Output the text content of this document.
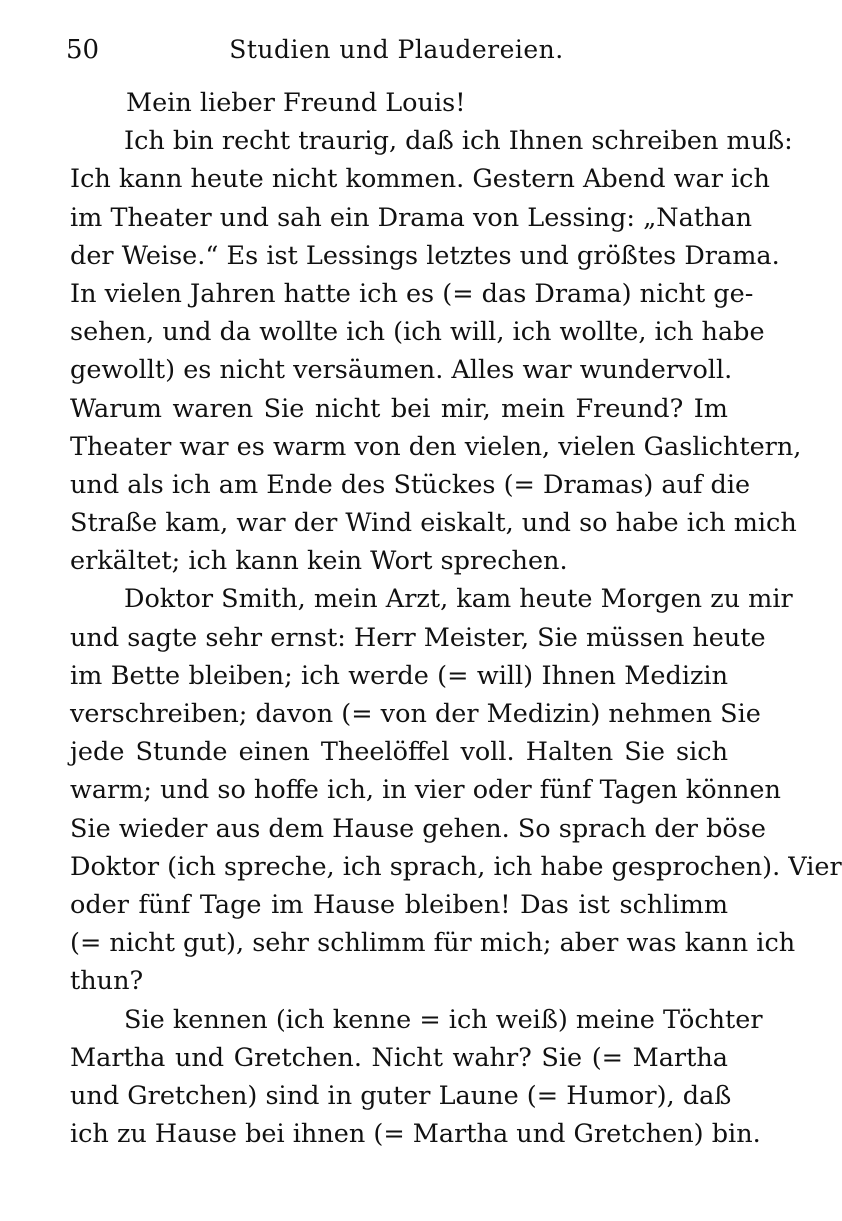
50	Studien und Plaudereien.
Mein lieber Freund Louis!
Ich bin recht traurig, daß ich Ihnen schreiben muß:
Ich kann heute nicht kommen. Gestern Abend war ich
im Theater und sah ein Drama von Lessing: „Nathan
der Weise.“ Es ist Lessings letztes und größtes Drama.
In vielen Jahren hatte ich es (= das Drama) nicht ge-
sehen, und da wollte ich (ich will, ich wollte, ich habe
gewollt) es nicht versäumen. Alles war wundervoll.
Warum waren Sie nicht bei mir, mein Freund? Im
Theater war es warm von den vielen, vielen Gaslichtern,
und als ich am Ende des Stückes (= Dramas) auf die
Straße kam, war der Wind eiskalt, und so habe ich mich
erkältet; ich kann kein Wort sprechen.
Doktor Smith, mein Arzt, kam heute Morgen zu mir
und sagte sehr ernst: Herr Meister, Sie müssen heute
im Bette bleiben; ich werde (= will) Ihnen Medizin
verschreiben; davon (= von der Medizin) nehmen Sie
jede Stunde einen Theelöffel voll. Halten Sie sich
warm; und so hoffe ich, in vier oder fünf Tagen können
Sie wieder aus dem Hause gehen. So sprach der böse
Doktor (ich spreche, ich sprach, ich habe gesprochen). Vier
oder fünf Tage im Hause bleiben! Das ist schlimm
(= nicht gut), sehr schlimm für mich; aber was kann ich
thun?
Sie kennen (ich kenne = ich weiß) meine Töchter
Martha und Gretchen. Nicht wahr? Sie (= Martha
und Gretchen) sind in guter Laune (= Humor), daß
ich zu Hause bei ihnen (= Martha und Gretchen) bin.
